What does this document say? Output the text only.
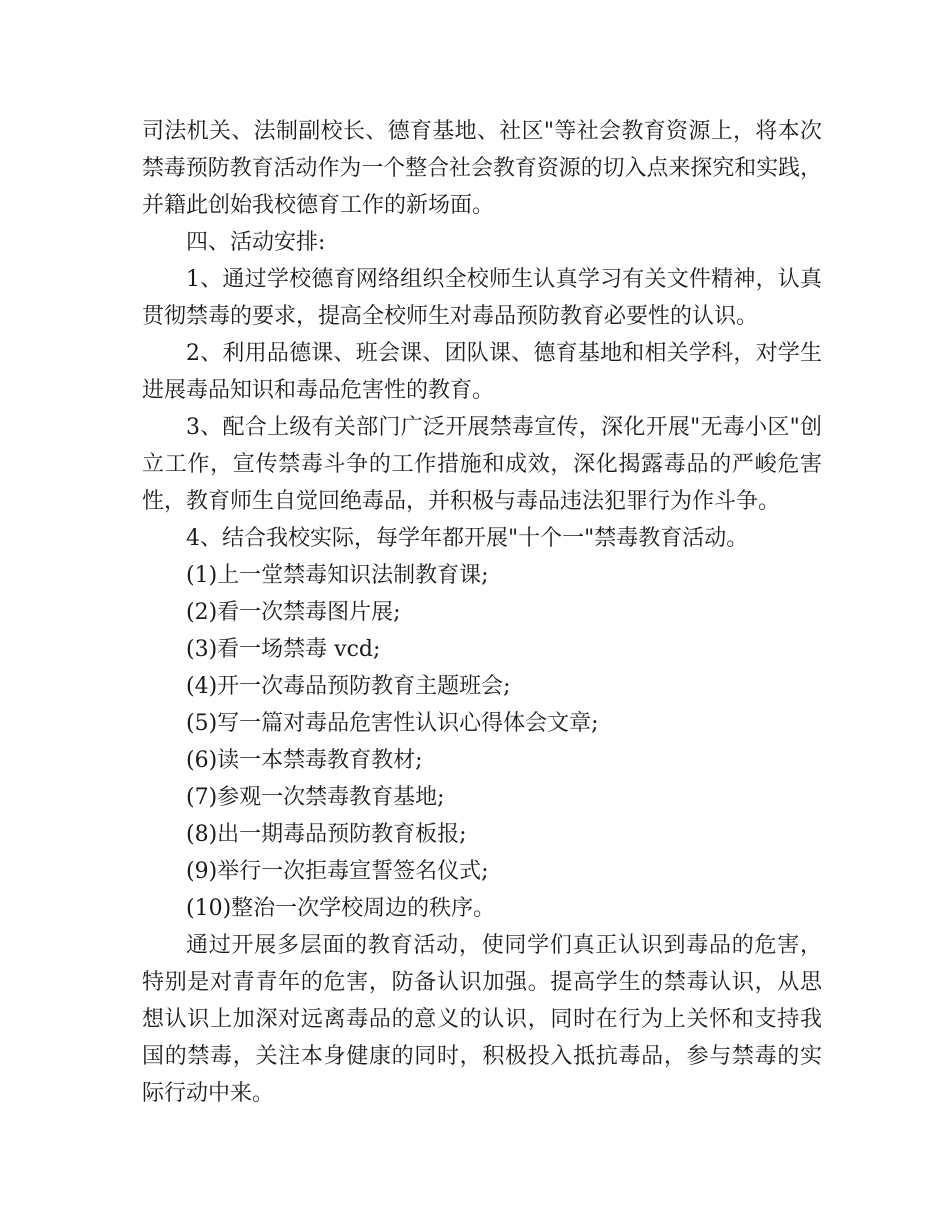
司法机关、法制副校长、德育基地、社区"等社会教育资源上，将本次
禁毒预防教育活动作为一个整合社会教育资源的切入点来探究和实践，
并籍此创始我校德育工作的新场面。
四、活动安排:
1、通过学校德育网络组织全校师生认真学习有关文件精神，认真
贯彻禁毒的要求，提高全校师生对毒品预防教育必要性的认识。
2、利用品德课、班会课、团队课、德育基地和相关学科，对学生
进展毒品知识和毒品危害性的教育。
3、配合上级有关部门广泛开展禁毒宣传，深化开展"无毒小区"创
立工作，宣传禁毒斗争的工作措施和成效，深化揭露毒品的严峻危害
性，教育师生自觉回绝毒品，并积极与毒品违法犯罪行为作斗争。
4、结合我校实际，每学年都开展"十个一"禁毒教育活动。
(1)上一堂禁毒知识法制教育课;
(2)看一次禁毒图片展;
(3)看一场禁毒 vcd;
(4)开一次毒品预防教育主题班会;
(5)写一篇对毒品危害性认识心得体会文章;
(6)读一本禁毒教育教材;
(7)参观一次禁毒教育基地;
(8)出一期毒品预防教育板报;
(9)举行一次拒毒宣誓签名仪式;
(10)整治一次学校周边的秩序。
通过开展多层面的教育活动，使同学们真正认识到毒品的危害，
特别是对青青年的危害，防备认识加强。提高学生的禁毒认识，从思
想认识上加深对远离毒品的意义的认识，同时在行为上关怀和支持我
国的禁毒，关注本身健康的同时，积极投入抵抗毒品，参与禁毒的实
际行动中来。
